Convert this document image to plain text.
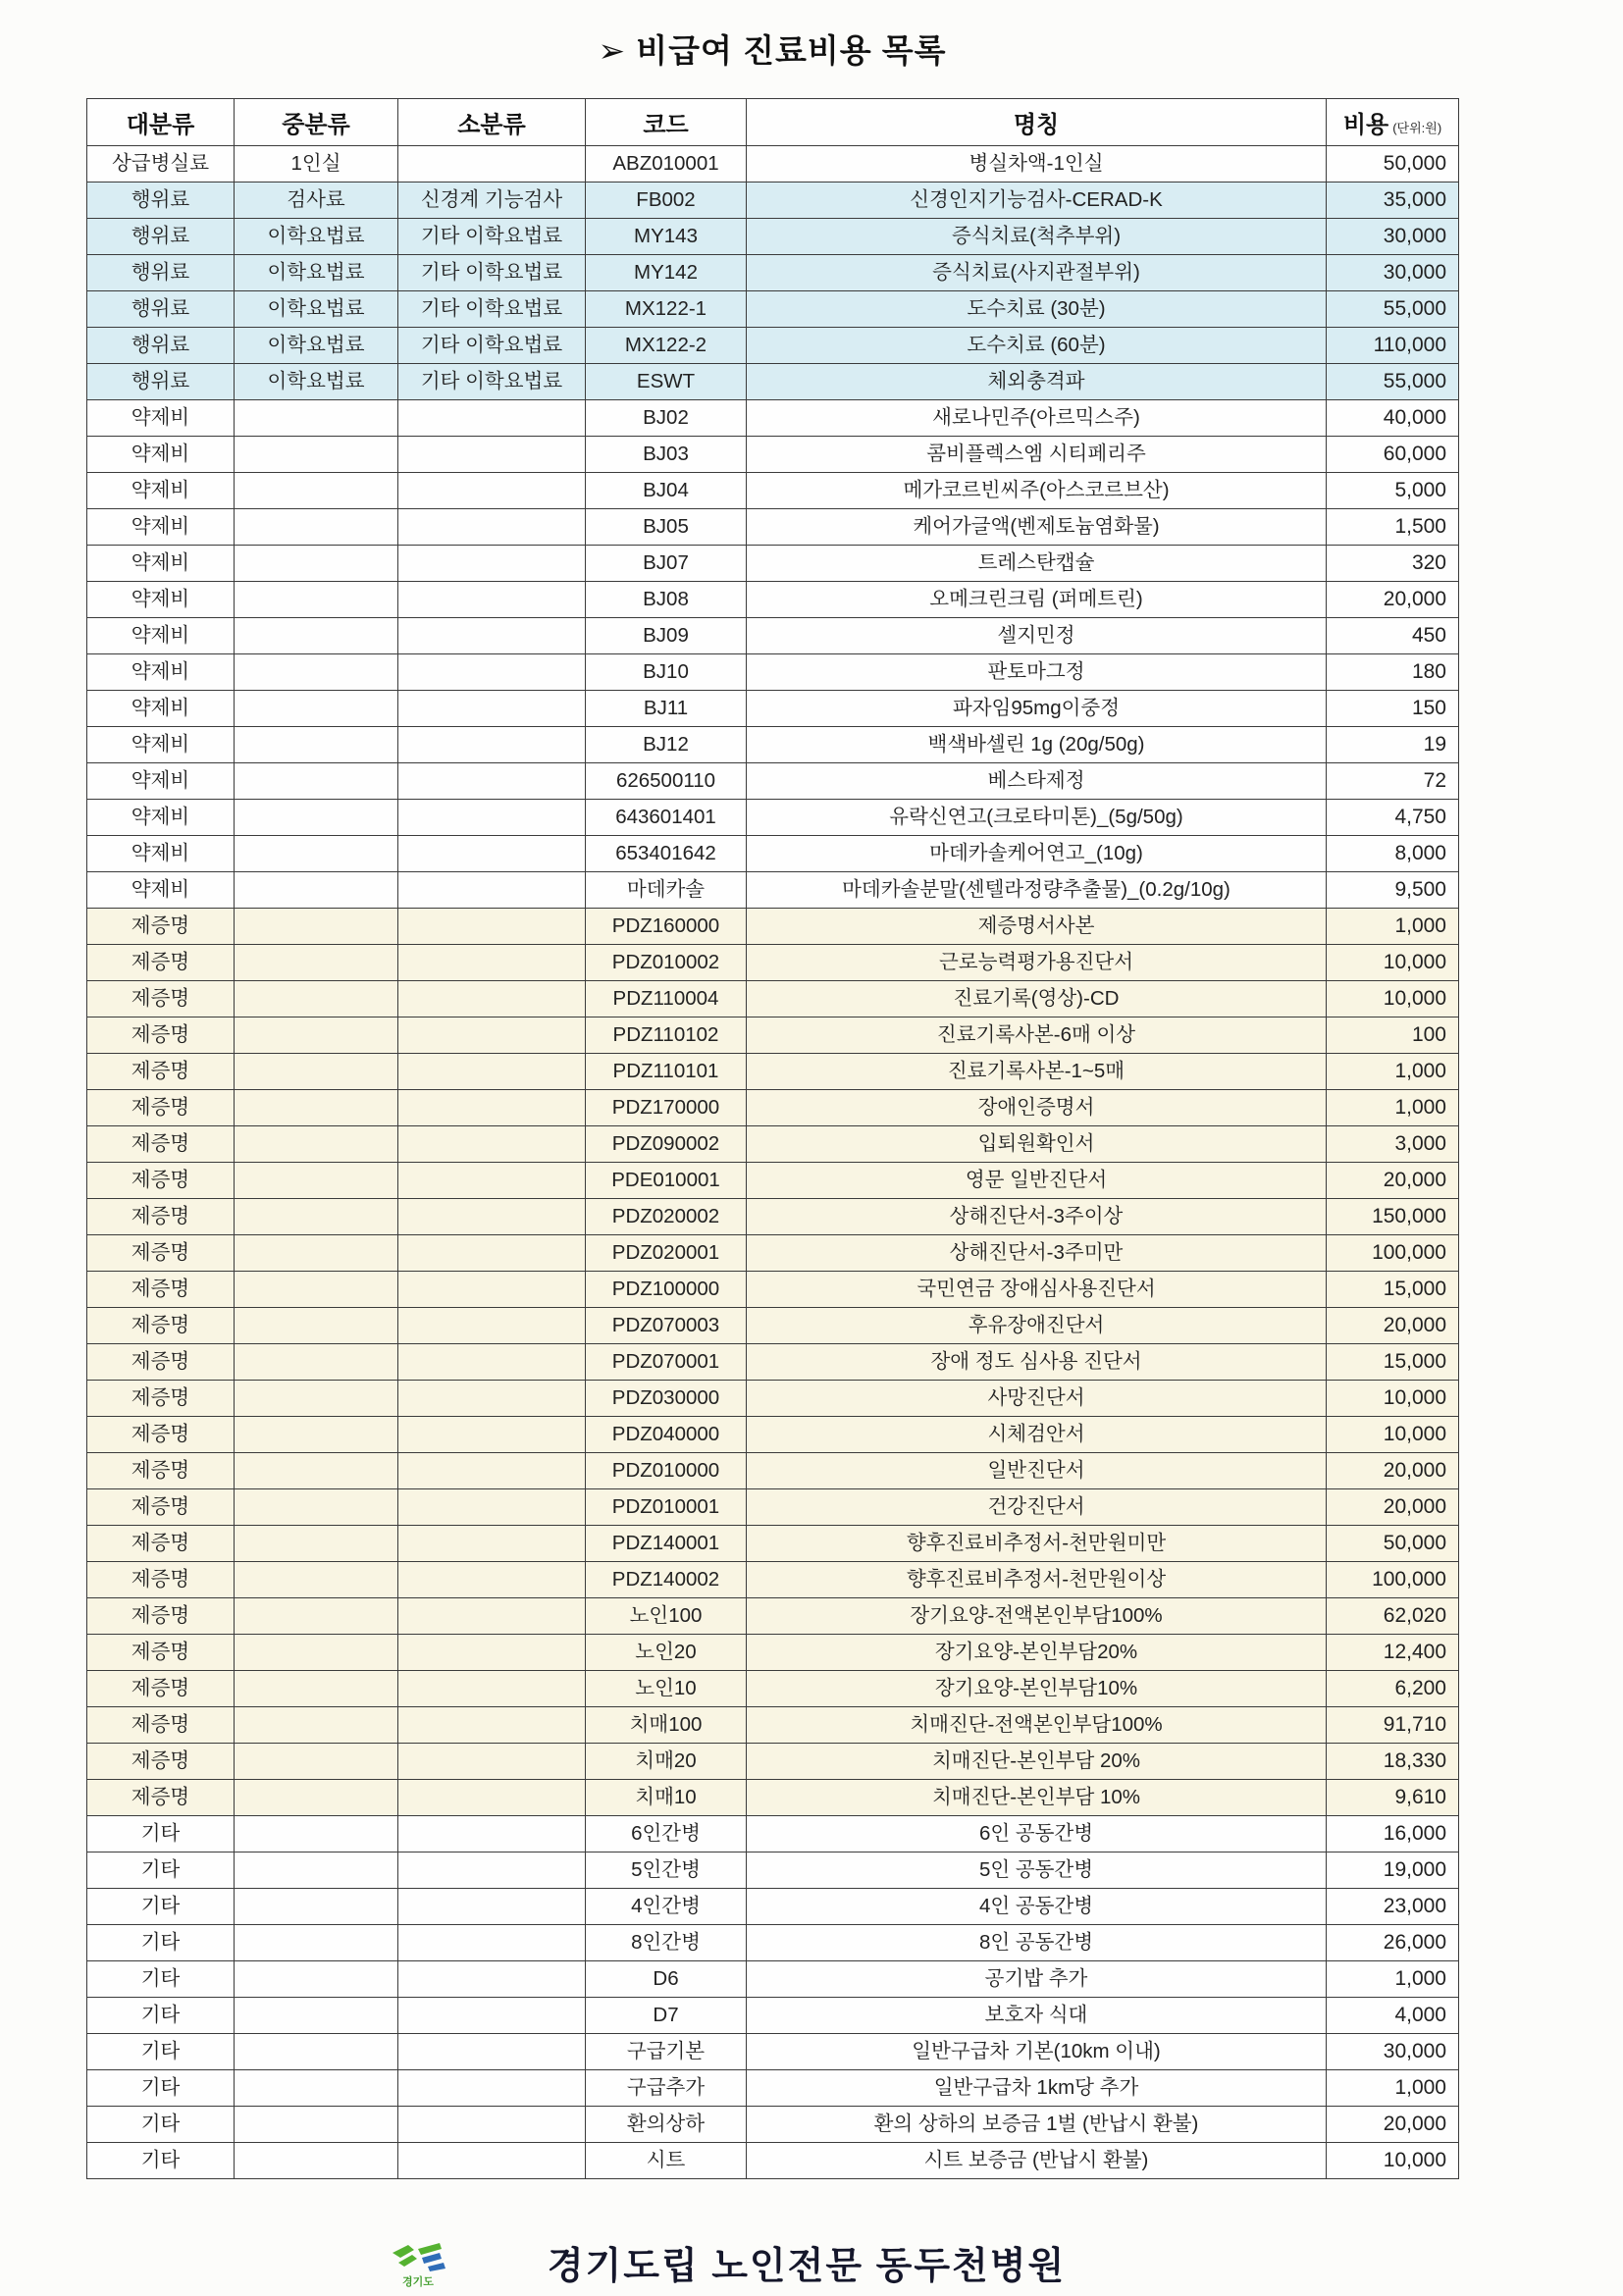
➢ 비급여 진료비용 목록
대분류	중분류	소분류	코드	명칭	비용 (단위:원)
상급병실료	1인실		ABZ010001	병실차액-1인실	50,000
행위료	검사료	신경계 기능검사	FB002	신경인지기능검사-CERAD-K	35,000
행위료	이학요법료	기타 이학요법료	MY143	증식치료(척추부위)	30,000
행위료	이학요법료	기타 이학요법료	MY142	증식치료(사지관절부위)	30,000
행위료	이학요법료	기타 이학요법료	MX122-1	도수치료 (30분)	55,000
행위료	이학요법료	기타 이학요법료	MX122-2	도수치료 (60분)	110,000
행위료	이학요법료	기타 이학요법료	ESWT	체외충격파	55,000
약제비			BJ02	새로나민주(아르믹스주)	40,000
약제비			BJ03	콤비플렉스엠 시티페리주	60,000
약제비			BJ04	메가코르빈씨주(아스코르브산)	5,000
약제비			BJ05	케어가글액(벤제토늄염화물)	1,500
약제비			BJ07	트레스탄캡슐	320
약제비			BJ08	오메크린크림 (퍼메트린)	20,000
약제비			BJ09	셀지민정	450
약제비			BJ10	판토마그정	180
약제비			BJ11	파자임95mg이중정	150
약제비			BJ12	백색바셀린 1g (20g/50g)	19
약제비			626500110	베스타제정	72
약제비			643601401	유락신연고(크로타미톤)_(5g/50g)	4,750
약제비			653401642	마데카솔케어연고_(10g)	8,000
약제비			마데카솔	마데카솔분말(센텔라정량추출물)_(0.2g/10g)	9,500
제증명			PDZ160000	제증명서사본	1,000
제증명			PDZ010002	근로능력평가용진단서	10,000
제증명			PDZ110004	진료기록(영상)-CD	10,000
제증명			PDZ110102	진료기록사본-6매 이상	100
제증명			PDZ110101	진료기록사본-1~5매	1,000
제증명			PDZ170000	장애인증명서	1,000
제증명			PDZ090002	입퇴원확인서	3,000
제증명			PDE010001	영문 일반진단서	20,000
제증명			PDZ020002	상해진단서-3주이상	150,000
제증명			PDZ020001	상해진단서-3주미만	100,000
제증명			PDZ100000	국민연금 장애심사용진단서	15,000
제증명			PDZ070003	후유장애진단서	20,000
제증명			PDZ070001	장애 정도 심사용 진단서	15,000
제증명			PDZ030000	사망진단서	10,000
제증명			PDZ040000	시체검안서	10,000
제증명			PDZ010000	일반진단서	20,000
제증명			PDZ010001	건강진단서	20,000
제증명			PDZ140001	향후진료비추정서-천만원미만	50,000
제증명			PDZ140002	향후진료비추정서-천만원이상	100,000
제증명			노인100	장기요양-전액본인부담100%	62,020
제증명			노인20	장기요양-본인부담20%	12,400
제증명			노인10	장기요양-본인부담10%	6,200
제증명			치매100	치매진단-전액본인부담100%	91,710
제증명			치매20	치매진단-본인부담 20%	18,330
제증명			치매10	치매진단-본인부담 10%	9,610
기타			6인간병	6인 공동간병	16,000
기타			5인간병	5인 공동간병	19,000
기타			4인간병	4인 공동간병	23,000
기타			8인간병	8인 공동간병	26,000
기타			D6	공기밥 추가	1,000
기타			D7	보호자 식대	4,000
기타			구급기본	일반구급차 기본(10km 이내)	30,000
기타			구급추가	일반구급차 1km당 추가	1,000
기타			환의상하	환의 상하의 보증금 1벌 (반납시 환불)	20,000
기타			시트	시트 보증금 (반납시 환불)	10,000
경기도	경기도립 노인전문 동두천병원
